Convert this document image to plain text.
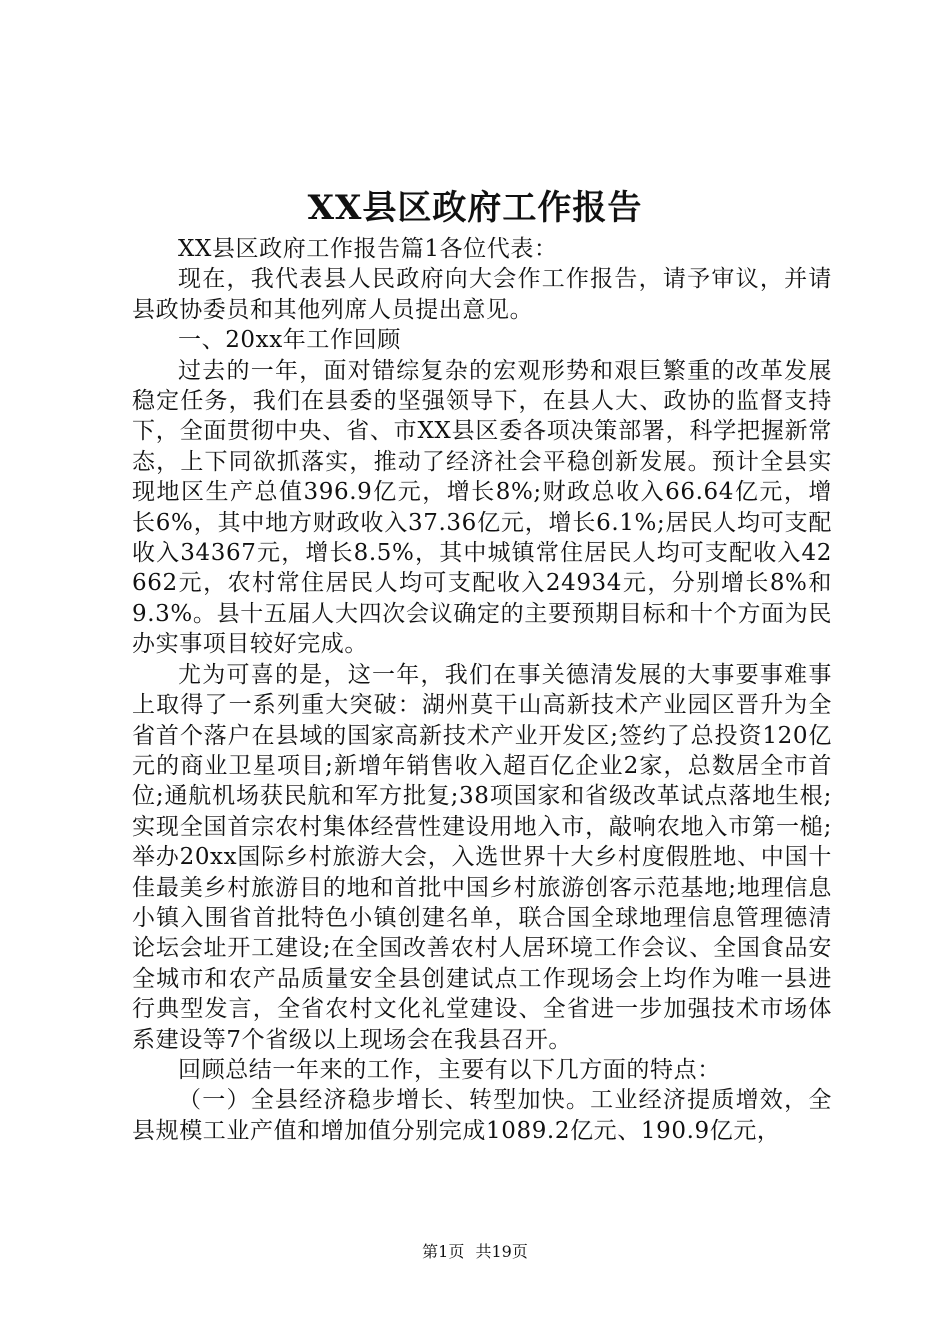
XX县区政府工作报告

XX县区政府工作报告篇1各位代表：

现在，我代表县人民政府向大会作工作报告，请予审议，并请县政协委员和其他列席人员提出意见。

一、20xx年工作回顾

过去的一年，面对错综复杂的宏观形势和艰巨繁重的改革发展稳定任务，我们在县委的坚强领导下，在县人大、政协的监督支持下，全面贯彻中央、省、市XX县区委各项决策部署，科学把握新常态，上下同欲抓落实，推动了经济社会平稳创新发展。预计全县实现地区生产总值396.9亿元，增长8%;财政总收入66.64亿元，增长6%，其中地方财政收入37.36亿元，增长6.1%;居民人均可支配收入34367元，增长8.5%，其中城镇常住居民人均可支配收入42662元，农村常住居民人均可支配收入24934元，分别增长8%和9.3%。县十五届人大四次会议确定的主要预期目标和十个方面为民办实事项目较好完成。

尤为可喜的是，这一年，我们在事关德清发展的大事要事难事上取得了一系列重大突破：湖州莫干山高新技术产业园区晋升为全省首个落户在县域的国家高新技术产业开发区;签约了总投资120亿元的商业卫星项目;新增年销售收入超百亿企业2家，总数居全市首位;通航机场获民航和军方批复;38项国家和省级改革试点落地生根;实现全国首宗农村集体经营性建设用地入市，敲响农地入市第一槌;举办20xx国际乡村旅游大会，入选世界十大乡村度假胜地、中国十佳最美乡村旅游目的地和首批中国乡村旅游创客示范基地;地理信息小镇入围省首批特色小镇创建名单，联合国全球地理信息管理德清论坛会址开工建设;在全国改善农村人居环境工作会议、全国食品安全城市和农产品质量安全县创建试点工作现场会上均作为唯一县进行典型发言，全省农村文化礼堂建设、全省进一步加强技术市场体系建设等7个省级以上现场会在我县召开。

回顾总结一年来的工作，主要有以下几方面的特点：

（一）全县经济稳步增长、转型加快。工业经济提质增效，全县规模工业产值和增加值分别完成1089.2亿元、190.9亿元，

第1页 共19页
